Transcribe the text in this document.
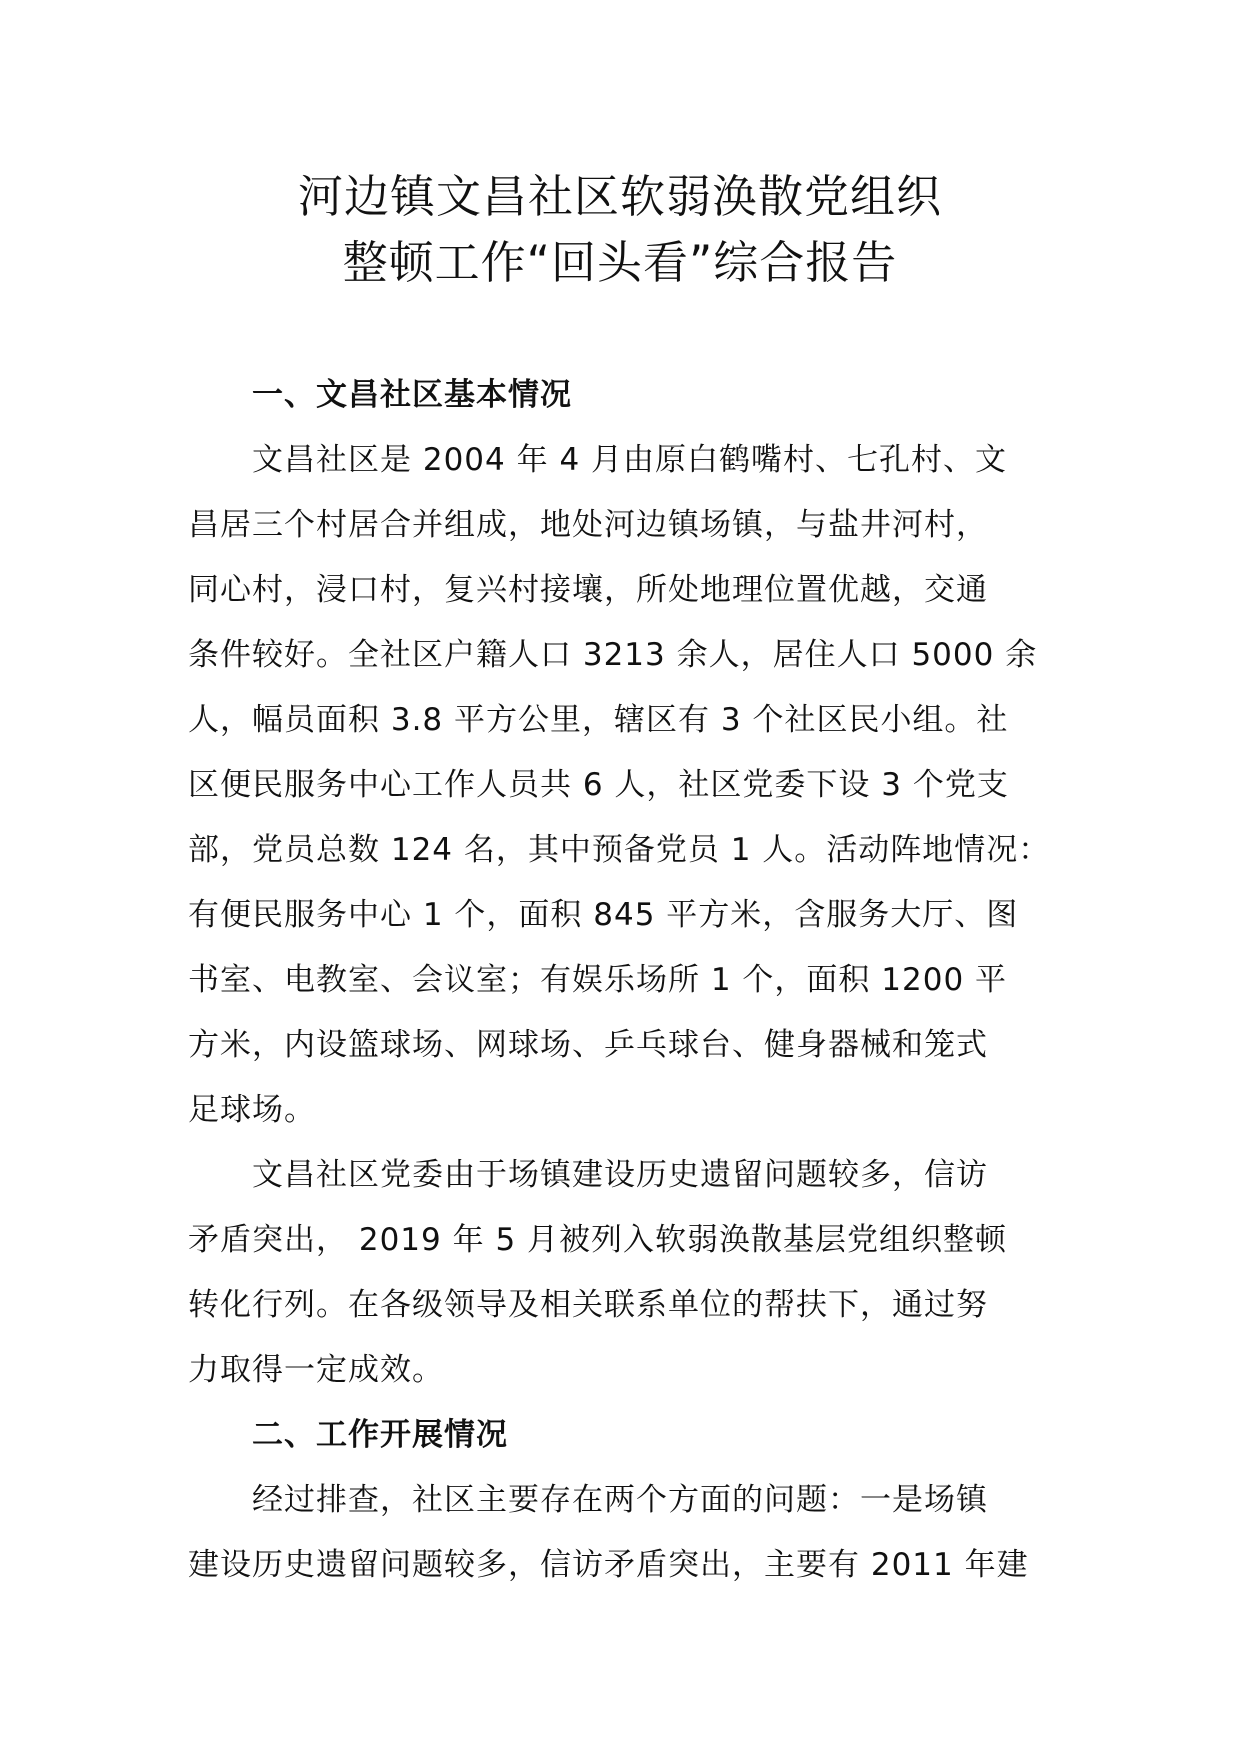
河边镇文昌社区软弱涣散党组织
整顿工作“回头看”综合报告

一、文昌社区基本情况

文昌社区是 2004 年 4 月由原白鹤嘴村、七孔村、文
昌居三个村居合并组成，地处河边镇场镇，与盐井河村，
同心村，浸口村，复兴村接壤，所处地理位置优越，交通
条件较好。全社区户籍人口 3213 余人，居住人口 5000 余
人，幅员面积 3.8 平方公里，辖区有 3 个社区民小组。社
区便民服务中心工作人员共 6 人，社区党委下设 3 个党支
部，党员总数 124 名，其中预备党员 1 人。活动阵地情况：
有便民服务中心 1 个，面积 845 平方米，含服务大厅、图
书室、电教室、会议室；有娱乐场所 1 个，面积 1200 平
方米，内设篮球场、网球场、乒乓球台、健身器械和笼式
足球场。
文昌社区党委由于场镇建设历史遗留问题较多，信访
矛盾突出， 2019 年 5 月被列入软弱涣散基层党组织整顿
转化行列。在各级领导及相关联系单位的帮扶下，通过努
力取得一定成效。

二、工作开展情况

经过排查，社区主要存在两个方面的问题：一是场镇
建设历史遗留问题较多，信访矛盾突出，主要有 2011 年建
